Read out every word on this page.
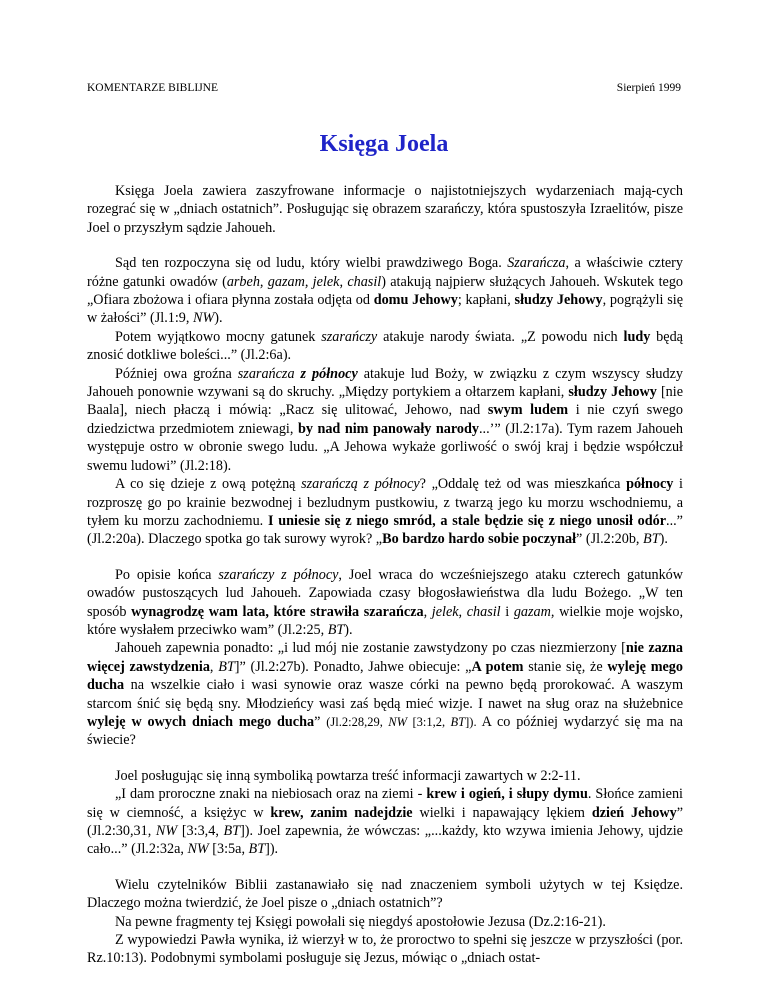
KOMENTARZE BIBLIJNE	Sierpień 1999
Księga Joela

Księga Joela zawiera zaszyfrowane informacje o najistotniejszych wydarzeniach mają-cych rozegrać się w „dniach ostatnich”. Posługując się obrazem szarańczy, która spustoszyła Izraelitów, pisze Joel o przyszłym sądzie Jahoueh.

Sąd ten rozpoczyna się od ludu, który wielbi prawdziwego Boga. Szarańcza, a właściwie cztery różne gatunki owadów (arbeh, gazam, jelek, chasil) atakują najpierw służących Jahoueh. Wskutek tego „Ofiara zbożowa i ofiara płynna została odjęta od domu Jehowy; kapłani, słudzy Jehowy, pogrążyli się w żałości” (Jl.1:9, NW).

Potem wyjątkowo mocny gatunek szarańczy atakuje narody świata. „Z powodu nich ludy będą znosić dotkliwe boleści...” (Jl.2:6a).

Później owa groźna szarańcza z północy atakuje lud Boży, w związku z czym wszyscy słudzy Jahoueh ponownie wzywani są do skruchy. „Między portykiem a ołtarzem kapłani, słudzy Jehowy [nie Baala], niech płaczą i mówią: „Racz się ulitować, Jehowo, nad swym ludem i nie czyń swego dziedzictwa przedmiotem zniewagi, by nad nim panowały narody...’” (Jl.2:17a). Tym razem Jahoueh występuje ostro w obronie swego ludu. „A Jehowa wykaże gorliwość o swój kraj i będzie współczuł swemu ludowi” (Jl.2:18).

A co się dzieje z ową potężną szarańczą z północy? „Oddalę też od was mieszkańca północy i rozproszę go po krainie bezwodnej i bezludnym pustkowiu, z twarzą jego ku morzu wschodniemu, a tyłem ku morzu zachodniemu. I uniesie się z niego smród, a stale będzie się z niego unosił odór...” (Jl.2:20a). Dlaczego spotka go tak surowy wyrok? „Bo bardzo hardo sobie poczynał” (Jl.2:20b, BT).

Po opisie końca szarańczy z północy, Joel wraca do wcześniejszego ataku czterech gatunków owadów pustoszących lud Jahoueh. Zapowiada czasy błogosławieństwa dla ludu Bożego. „W ten sposób wynagrodzę wam lata, które strawiła szarańcza, jelek, chasil i gazam, wielkie moje wojsko, które wysłałem przeciwko wam” (Jl.2:25, BT).

Jahoueh zapewnia ponadto: „i lud mój nie zostanie zawstydzony po czas niezmierzony [nie zazna więcej zawstydzenia, BT]” (Jl.2:27b). Ponadto, Jahwe obiecuje: „A potem stanie się, że wyleję mego ducha na wszelkie ciało i wasi synowie oraz wasze córki na pewno będą prorokować. A waszym starcom śnić się będą sny. Młodzieńcy wasi zaś będą mieć wizje. I nawet na sług oraz na służebnice wyleję w owych dniach mego ducha” (Jl.2:28,29, NW [3:1,2, BT]). A co później wydarzyć się ma na świecie?

Joel posługując się inną symboliką powtarza treść informacji zawartych w 2:2-11.

„I dam proroczne znaki na niebiosach oraz na ziemi - krew i ogień, i słupy dymu. Słońce zamieni się w ciemność, a księżyc w krew, zanim nadejdzie wielki i napawający lękiem dzień Jehowy” (Jl.2:30,31, NW [3:3,4, BT]). Joel zapewnia, że wówczas: „...każdy, kto wzywa imienia Jehowy, ujdzie cało...” (Jl.2:32a, NW [3:5a, BT]).

Wielu czytelników Biblii zastanawiało się nad znaczeniem symboli użytych w tej Księdze. Dlaczego można twierdzić, że Joel pisze o „dniach ostatnich”?

Na pewne fragmenty tej Księgi powołali się niegdyś apostołowie Jezusa (Dz.2:16-21).

Z wypowiedzi Pawła wynika, iż wierzył w to, że proroctwo to spełni się jeszcze w przyszłości (por. Rz.10:13). Podobnymi symbolami posługuje się Jezus, mówiąc o „dniach ostat-
